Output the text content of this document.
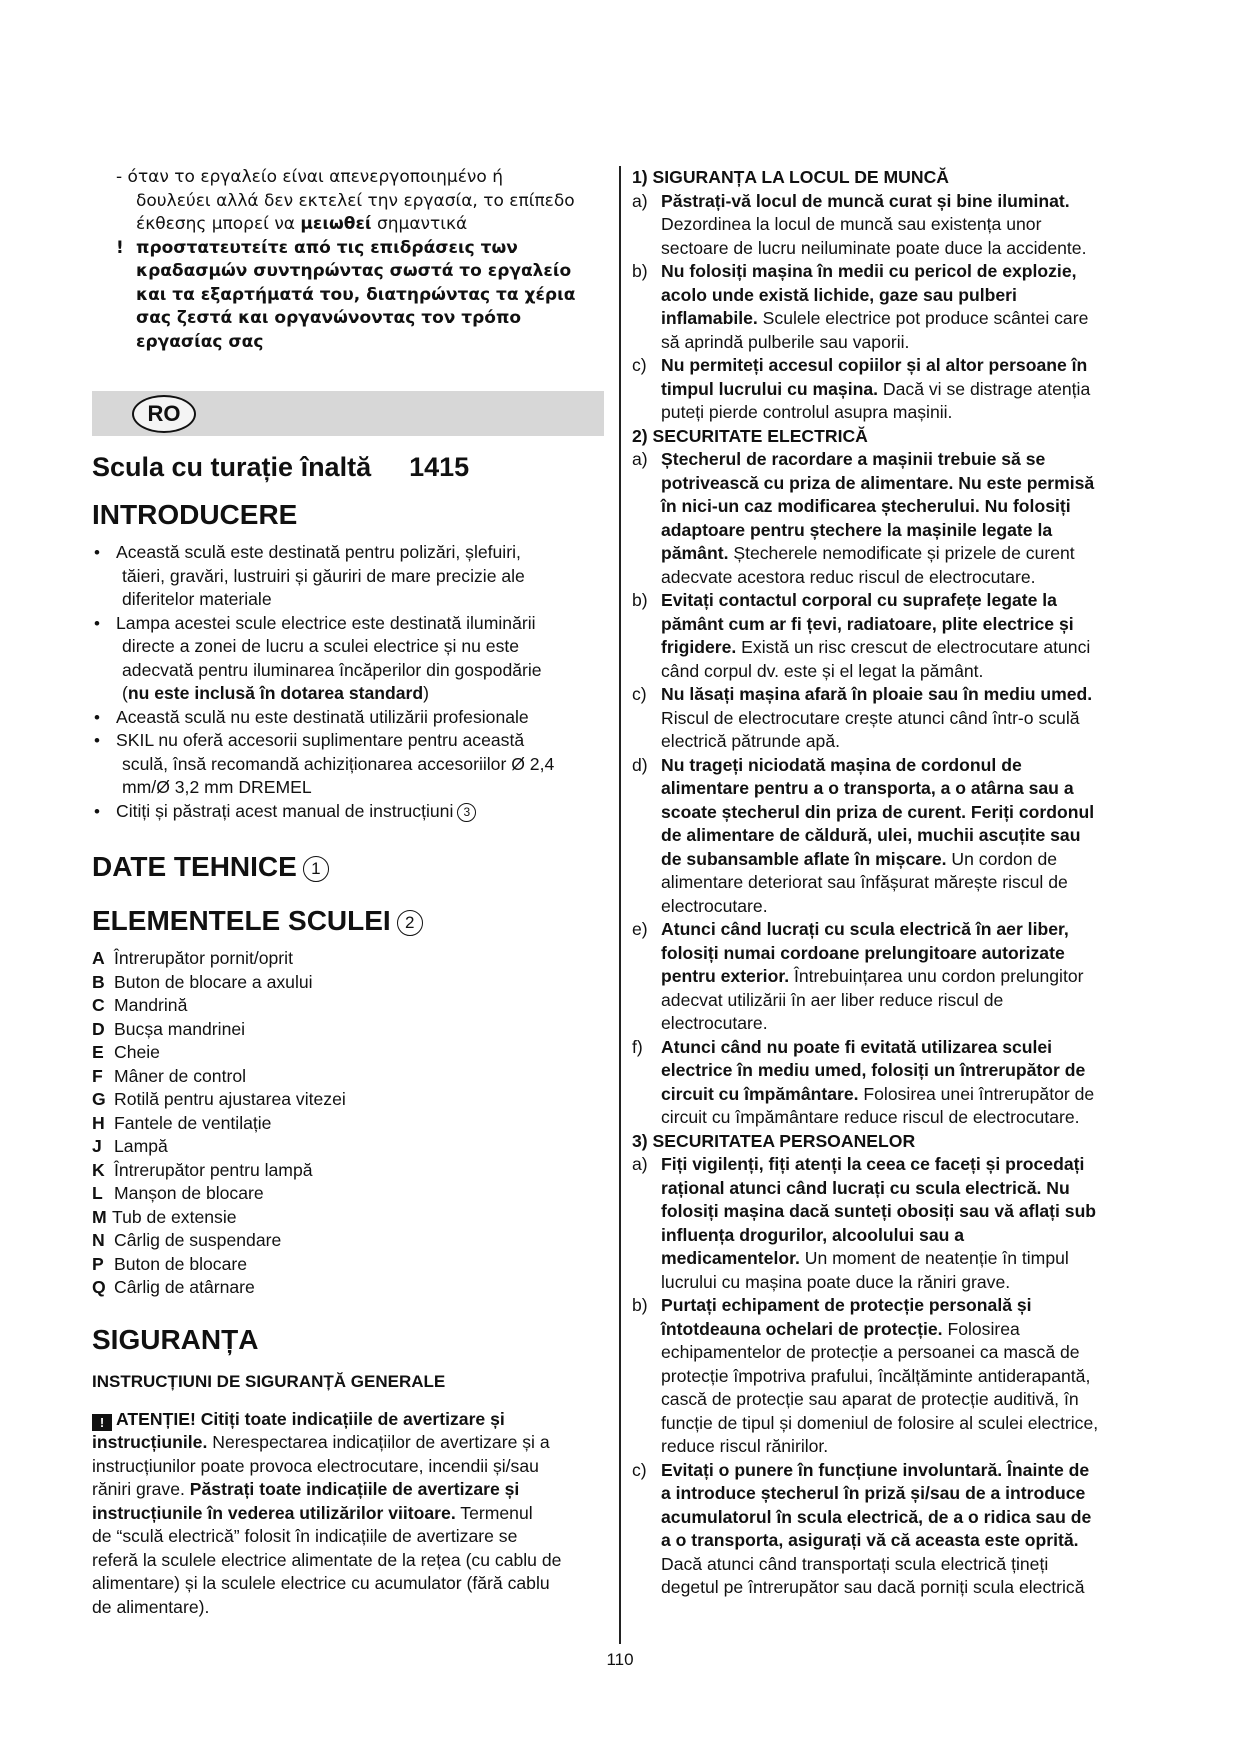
- όταν το εργαλείο είναι απενεργοποιημένο ή
δουλεύει αλλά δεν εκτελεί την εργασία, το επίπεδο
έκθεσης μπορεί να μειωθεί σημαντικά
! προστατευτείτε από τις επιδράσεις των
κραδασμών συντηρώντας σωστά το εργαλείο
και τα εξαρτήματά του, διατηρώντας τα χέρια
σας ζεστά και οργανώνοντας τον τρόπο
εργασίας σας
RO
Scula cu turație înaltă 1415
INTRODUCERE
• Această sculă este destinată pentru polizări, șlefuiri,
tăieri, gravări, lustruiri și găuriri de mare precizie ale
diferitelor materiale
• Lampa acestei scule electrice este destinată iluminării
directe a zonei de lucru a sculei electrice și nu este
adecvată pentru iluminarea încăperilor din gospodărie
(nu este inclusă în dotarea standard)
• Această sculă nu este destinată utilizării profesionale
• SKIL nu oferă accesorii suplimentare pentru această
sculă, însă recomandă achiziționarea accesoriilor Ø 2,4
mm/Ø 3,2 mm DREMEL
• Citiți și păstrați acest manual de instrucțiuni 3
DATE TEHNICE 1
ELEMENTELE SCULEI 2
A Întrerupător pornit/oprit
B Buton de blocare a axului
C Mandrină
D Bucșa mandrinei
E Cheie
F Mâner de control
G Rotilă pentru ajustarea vitezei
H Fantele de ventilație
J Lampă
K Întrerupător pentru lampă
L Manșon de blocare
M Tub de extensie
N Cârlig de suspendare
P Buton de blocare
Q Cârlig de atârnare
SIGURANȚA
INSTRUCȚIUNI DE SIGURANȚĂ GENERALE
! ATENȚIE! Citiți toate indicațiile de avertizare și
instrucțiunile. Nerespectarea indicațiilor de avertizare și a
instrucțiunilor poate provoca electrocutare, incendii și/sau
răniri grave. Păstrați toate indicațiile de avertizare și
instrucțiunile în vederea utilizărilor viitoare. Termenul
de “sculă electrică” folosit în indicațiile de avertizare se
referă la sculele electrice alimentate de la rețea (cu cablu de
alimentare) și la sculele electrice cu acumulator (fără cablu
de alimentare).
1) SIGURANȚA LA LOCUL DE MUNCĂ
a) Păstrați-vă locul de muncă curat și bine iluminat.
Dezordinea la locul de muncă sau existența unor
sectoare de lucru neiluminate poate duce la accidente.
b) Nu folosiți mașina în medii cu pericol de explozie,
acolo unde există lichide, gaze sau pulberi
inflamabile. Sculele electrice pot produce scântei care
să aprindă pulberile sau vaporii.
c) Nu permiteți accesul copiilor și al altor persoane în
timpul lucrului cu mașina. Dacă vi se distrage atenția
puteți pierde controlul asupra mașinii.
2) SECURITATE ELECTRICĂ
a) Ștecherul de racordare a mașinii trebuie să se
potrivească cu priza de alimentare. Nu este permisă
în nici-un caz modificarea ștecherului. Nu folosiți
adaptoare pentru ștechere la mașinile legate la
pământ. Ștecherele nemodificate și prizele de curent
adecvate acestora reduc riscul de electrocutare.
b) Evitați contactul corporal cu suprafețe legate la
pământ cum ar fi țevi, radiatoare, plite electrice și
frigidere. Există un risc crescut de electrocutare atunci
când corpul dv. este și el legat la pământ.
c) Nu lăsați mașina afară în ploaie sau în mediu umed.
Riscul de electrocutare crește atunci când într-o sculă
electrică pătrunde apă.
d) Nu trageți niciodată mașina de cordonul de
alimentare pentru a o transporta, a o atârna sau a
scoate ștecherul din priza de curent. Feriți cordonul
de alimentare de căldură, ulei, muchii ascuțite sau
de subansamble aflate în mișcare. Un cordon de
alimentare deteriorat sau înfășurat mărește riscul de
electrocutare.
e) Atunci când lucrați cu scula electrică în aer liber,
folosiți numai cordoane prelungitoare autorizate
pentru exterior. Întrebuințarea unu cordon prelungitor
adecvat utilizării în aer liber reduce riscul de
electrocutare.
f) Atunci când nu poate fi evitată utilizarea sculei
electrice în mediu umed, folosiți un întrerupător de
circuit cu împământare. Folosirea unei întrerupător de
circuit cu împământare reduce riscul de electrocutare.
3) SECURITATEA PERSOANELOR
a) Fiți vigilenți, fiți atenți la ceea ce faceți și procedați
rațional atunci când lucrați cu scula electrică. Nu
folosiți mașina dacă sunteți obosiți sau vă aflați sub
influența drogurilor, alcoolului sau a
medicamentelor. Un moment de neatenție în timpul
lucrului cu mașina poate duce la răniri grave.
b) Purtați echipament de protecție personală și
întotdeauna ochelari de protecție. Folosirea
echipamentelor de protecție a persoanei ca mască de
protecție împotriva prafului, încălțăminte antiderapantă,
cască de protecție sau aparat de protecție auditivă, în
funcție de tipul și domeniul de folosire al sculei electrice,
reduce riscul rănirilor.
c) Evitați o punere în funcțiune involuntară. Înainte de
a introduce ștecherul în priză și/sau de a introduce
acumulatorul în scula electrică, de a o ridica sau de
a o transporta, asigurați vă că aceasta este oprită.
Dacă atunci când transportați scula electrică țineți
degetul pe întrerupător sau dacă porniți scula electrică
110
